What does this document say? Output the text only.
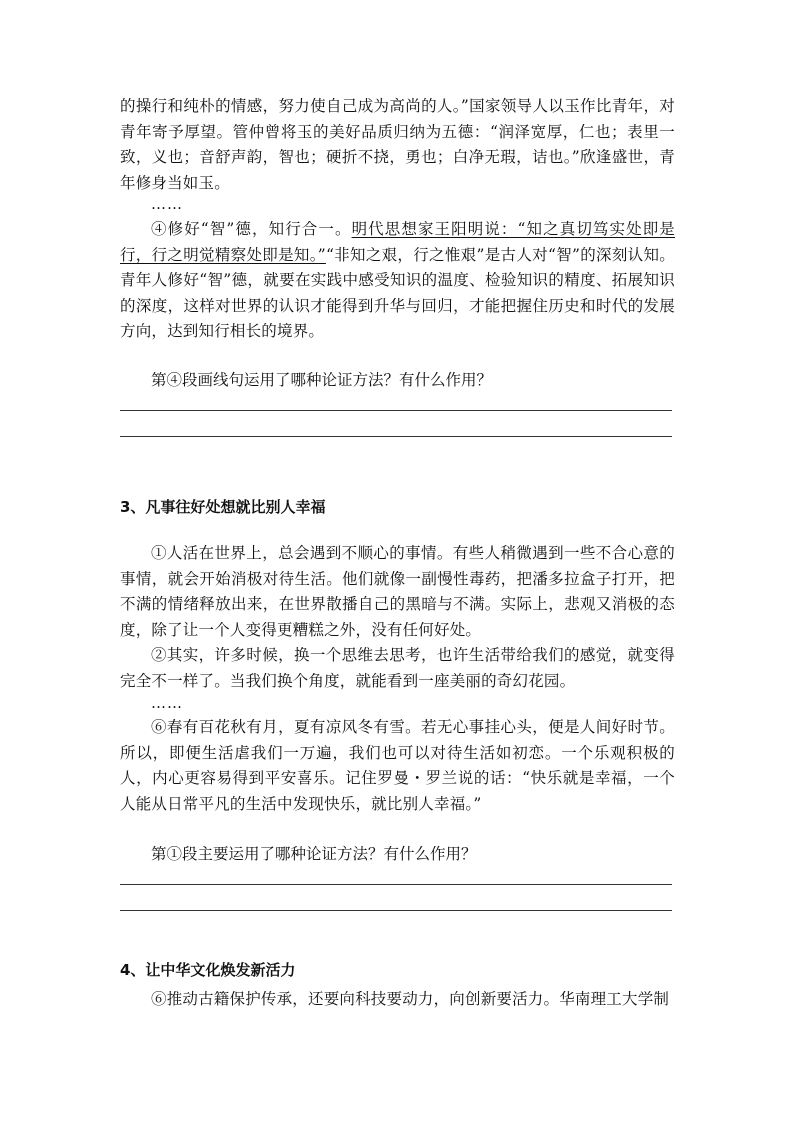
的操行和纯朴的情感，努力使自己成为高尚的人。”国家领导人以玉作比青年，对青年寄予厚望。管仲曾将玉的美好品质归纳为五德：“润泽宽厚，仁也；表里一致，义也；音舒声韵，智也；硬折不挠，勇也；白净无瑕，诘也。”欣逢盛世，青年修身当如玉。

……

④修好“智”德，知行合一。明代思想家王阳明说：“知之真切笃实处即是行，行之明觉精察处即是知。”“非知之艰，行之惟艰”是古人对“智”的深刻认知。青年人修好“智”德，就要在实践中感受知识的温度、检验知识的精度、拓展知识的深度，这样对世界的认识才能得到升华与回归，才能把握住历史和时代的发展方向，达到知行相长的境界。

第④段画线句运用了哪种论证方法？有什么作用？

3、凡事往好处想就比别人幸福

①人活在世界上，总会遇到不顺心的事情。有些人稍微遇到一些不合心意的事情，就会开始消极对待生活。他们就像一副慢性毒药，把潘多拉盒子打开，把不满的情绪释放出来，在世界散播自己的黑暗与不满。实际上，悲观又消极的态度，除了让一个人变得更糟糕之外，没有任何好处。

②其实，许多时候，换一个思维去思考，也许生活带给我们的感觉，就变得完全不一样了。当我们换个角度，就能看到一座美丽的奇幻花园。

……

⑥春有百花秋有月，夏有凉风冬有雪。若无心事挂心头，便是人间好时节。所以，即便生活虐我们一万遍，我们也可以对待生活如初恋。一个乐观积极的人，内心更容易得到平安喜乐。记住罗曼・罗兰说的话：“快乐就是幸福，一个人能从日常平凡的生活中发现快乐，就比别人幸福。”

第①段主要运用了哪种论证方法？有什么作用？

4、让中华文化焕发新活力

⑥推动古籍保护传承，还要向科技要动力，向创新要活力。华南理工大学制
